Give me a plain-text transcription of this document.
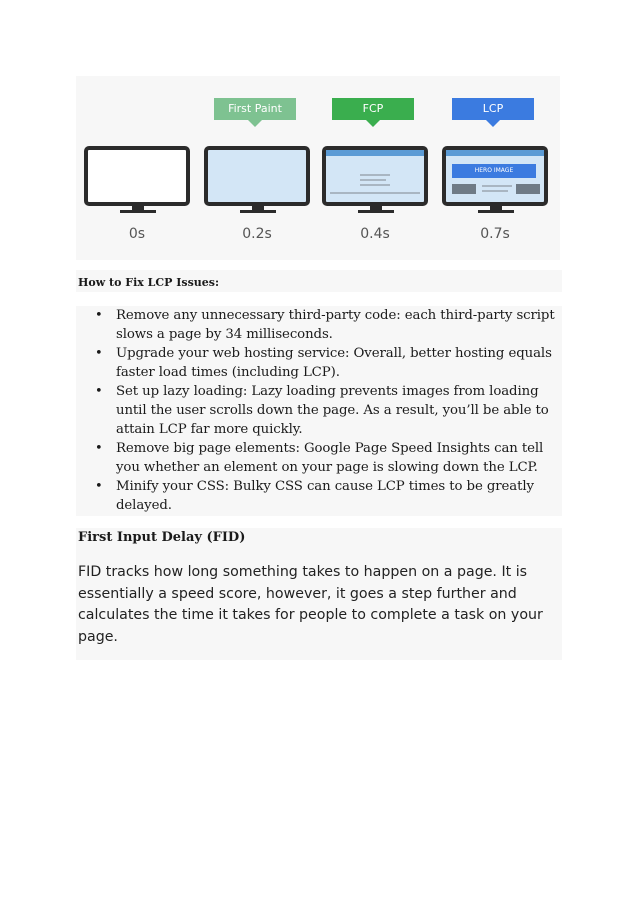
0s
First Paint
0.2s
FCP
0.4s
LCP
HERO IMAGE
0.7s

How to Fix LCP Issues:

• Remove any unnecessary third-party code: each third-party script slows a page by 34 milliseconds.
• Upgrade your web hosting service: Overall, better hosting equals faster load times (including LCP).
• Set up lazy loading: Lazy loading prevents images from loading until the user scrolls down the page. As a result, you’ll be able to attain LCP far more quickly.
• Remove big page elements: Google Page Speed Insights can tell you whether an element on your page is slowing down the LCP.
• Minify your CSS: Bulky CSS can cause LCP times to be greatly delayed.

First Input Delay (FID)

FID tracks how long something takes to happen on a page. It is essentially a speed score, however, it goes a step further and calculates the time it takes for people to complete a task on your page.
